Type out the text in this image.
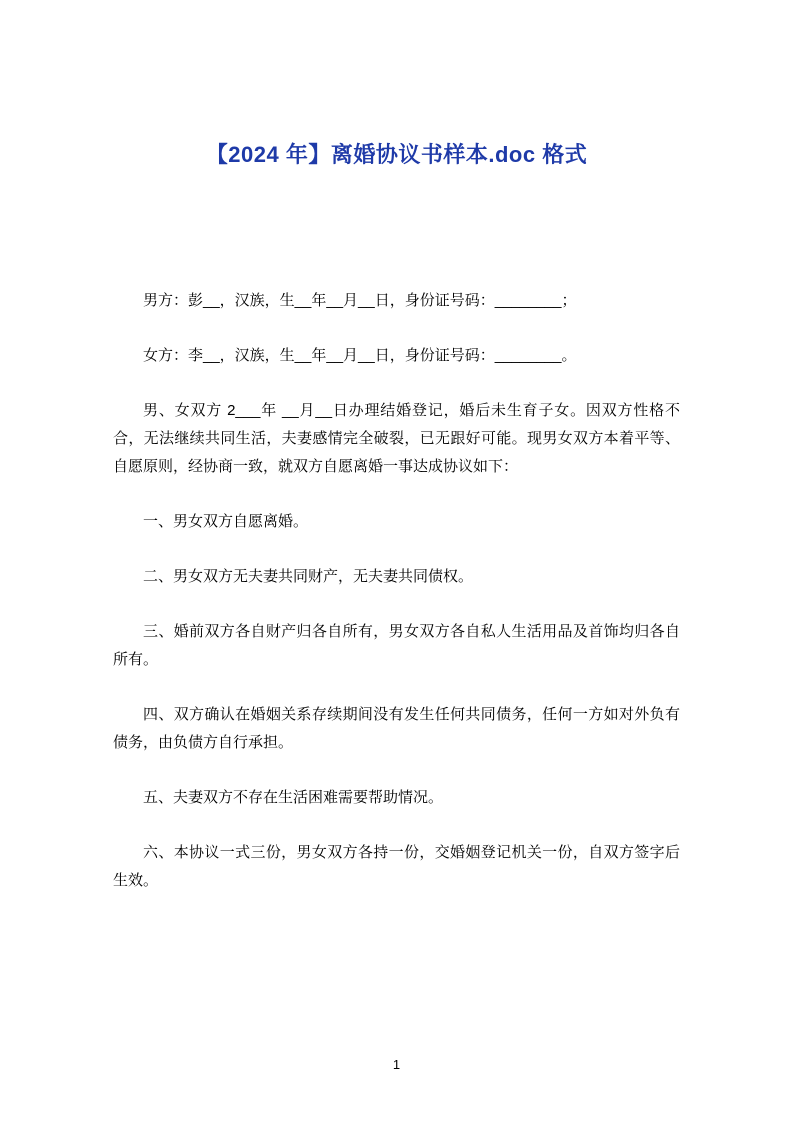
【2024 年】离婚协议书样本.doc 格式

男方：彭__，汉族，生__年__月__日，身份证号码：________；

女方：李__，汉族，生__年__月__日，身份证号码：________。

男、女双方 2___年 __月__日办理结婚登记，婚后未生育子女。因双方性格不合，无法继续共同生活，夫妻感情完全破裂，已无跟好可能。现男女双方本着平等、自愿原则，经协商一致，就双方自愿离婚一事达成协议如下：

一、男女双方自愿离婚。

二、男女双方无夫妻共同财产，无夫妻共同债权。

三、婚前双方各自财产归各自所有，男女双方各自私人生活用品及首饰均归各自所有。

四、双方确认在婚姻关系存续期间没有发生任何共同债务，任何一方如对外负有债务，由负债方自行承担。

五、夫妻双方不存在生活困难需要帮助情况。

六、本协议一式三份，男女双方各持一份，交婚姻登记机关一份，自双方签字后生效。

1
